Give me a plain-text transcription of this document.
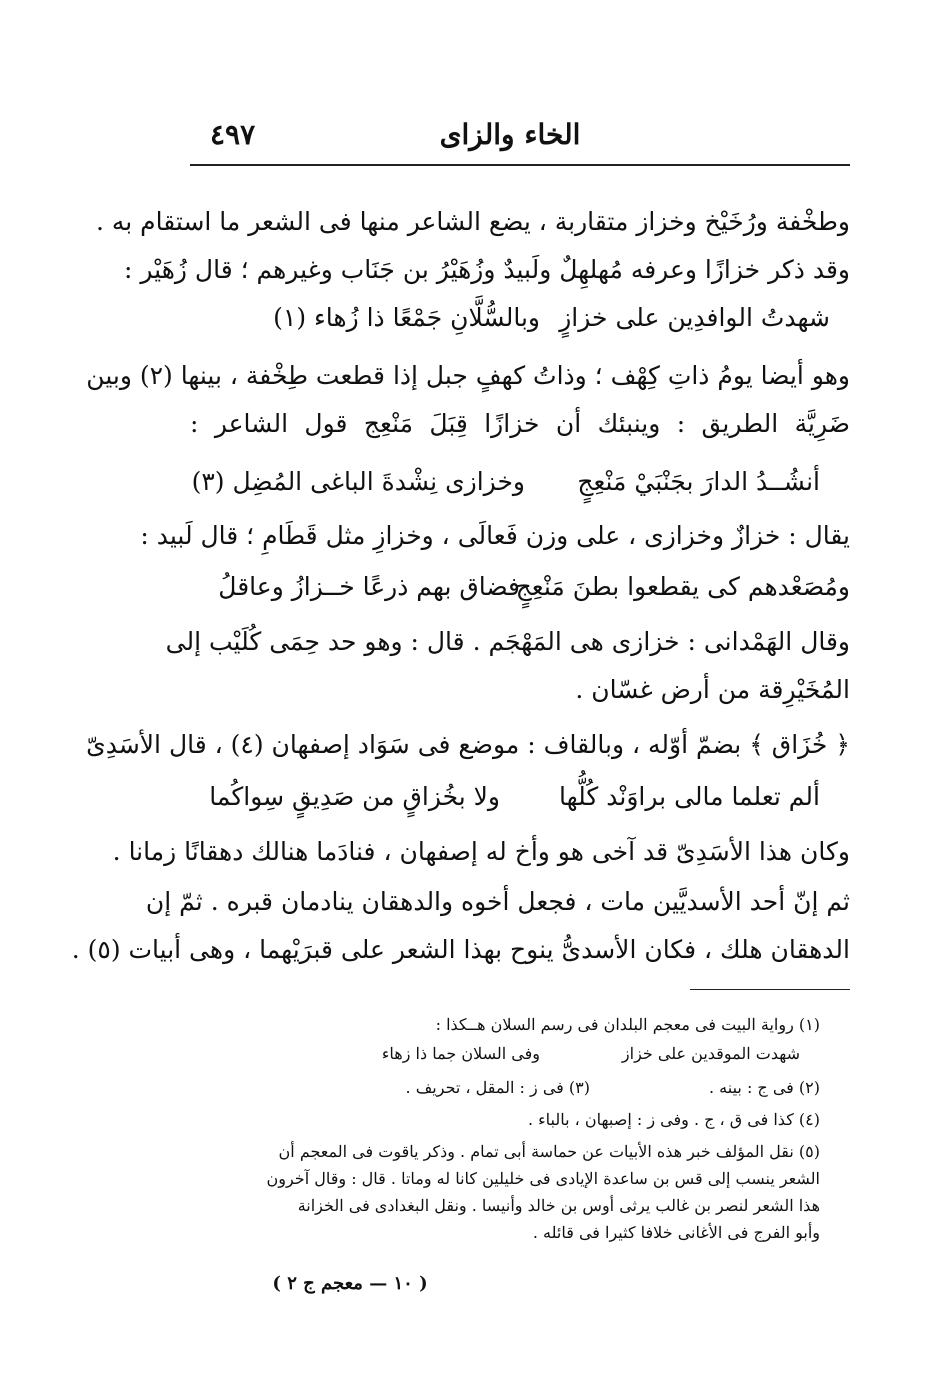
الخاء والزاى
٤٩٧
وطخْفة ورُخَيْخ وخزاز متقاربة ، يضع الشاعر منها فى الشعر ما استقام به .
وقد ذكر خزازًا وعرفه مُهلهِلٌ ولَبيدٌ وزُهَيْرُ بن جَنَاب وغيرهم ؛ قال زُهَيْر :
شهدتُ الوافدِين على خزازٍ
وبالسُّلَّانِ جَمْعًا ذا زُهاء (١)
وهو أيضا يومُ ذاتِ كِهْف ؛ وذاتُ كهفٍ جبل إذا قطعت طِخْفة ، بينها (٢) وبين
ضَرِيَّة الطريق : وينبئك أن خزازًا قِبَلَ مَنْعِج قول الشاعر :
أنشُــدُ الدارَ بجَنْبَيْ مَنْعِجٍ
وخزازى نِشْدةَ الباغى المُضِل (٣)
يقال : خزازٌ وخزازى ، على وزن فَعالَى ، وخزازِ مثل قَطَامِ ؛ قال لَبيد :
ومُصَعْدهم كى يقطعوا بطنَ مَنْعِجٍ
فضاق بهم ذرعًا خــزازُ وعاقلُ
وقال الهَمْدانى : خزازى هى المَهْجَم . قال : وهو حد حِمَى كُلَيْب إلى
المُخَيْرِقة من أرض غسّان .
﴿ خُزَاق ﴾ بضمّ أوّله ، وبالقاف : موضع فى سَوَاد إصفهان (٤) ، قال الأسَدِىّ
ألم تعلما مالى براوَنْد كُلُّها
ولا بخُزاقٍ من صَدِيقٍ سِواكُما
وكان هذا الأسَدِىّ قد آخى هو وأخ له إصفهان ، فنادَما هنالك دهقانًا زمانا .
ثم إنّ أحد الأسديَّين مات ، فجعل أخوه والدهقان ينادمان قبره . ثمّ إن
الدهقان هلك ، فكان الأسدىُّ ينوح بهذا الشعر على قبرَيْهما ، وهى أبيات (٥) .
(١) رواية البيت فى معجم البلدان فى رسم السلان هــكذا :
شهدت الموقدين على خزاز
وفى السلان جما ذا زهاء
(٢) فى ج : بينه .
(٣) فى ز : المقل ، تحريف .
(٤) كذا فى ق ، ج . وفى ز : إصبهان ، بالباء .
(٥) نقل المؤلف خبر هذه الأبيات عن حماسة أبى تمام . وذكر ياقوت فى المعجم أن
الشعر ينسب إلى قس بن ساعدة الإيادى فى خليلين كانا له وماتا . قال : وقال آخرون
هذا الشعر لنصر بن غالب يرثى أوس بن خالد وأنيسا . ونقل البغدادى فى الخزانة
وأبو الفرج فى الأغانى خلافا كثيرا فى قائله .
( ١٠ — معجم ج ٢ )
